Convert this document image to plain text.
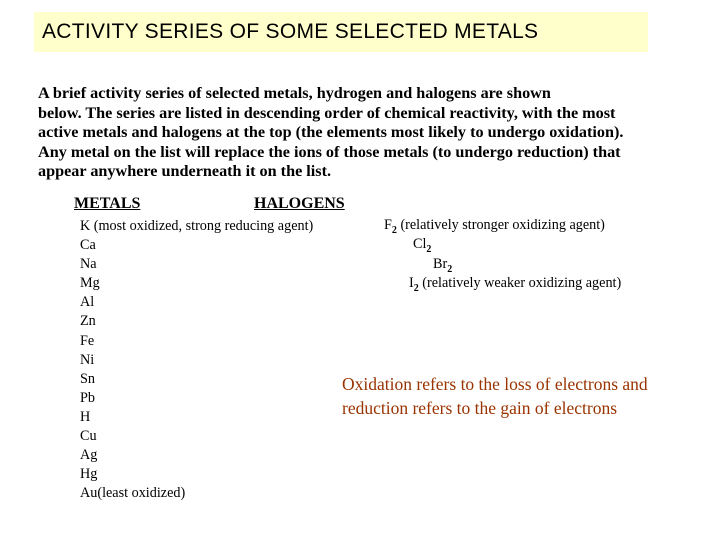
ACTIVITY SERIES OF SOME SELECTED METALS

A brief activity series of selected metals, hydrogen and halogens are shown

below. The series are listed in descending order of chemical reactivity, with the most

active metals and halogens at the top (the elements most likely to undergo oxidation).

Any metal on the list will replace the ions of those metals (to undergo reduction) that

appear anywhere underneath it on the list.

METALS	HALOGENS
K (most oxidized, strong reducing agent)
Ca
Na
Mg
Al
Zn
Fe
Ni
Sn
Pb
H
Cu
Ag
Hg
Au(least oxidized)
$F_2$ (relatively stronger oxidizing agent)
$Cl_2$
$Br_2$
$I_2$ (relatively weaker oxidizing agent)
Oxidation refers to the loss of electrons and reduction refers to the gain of electrons
